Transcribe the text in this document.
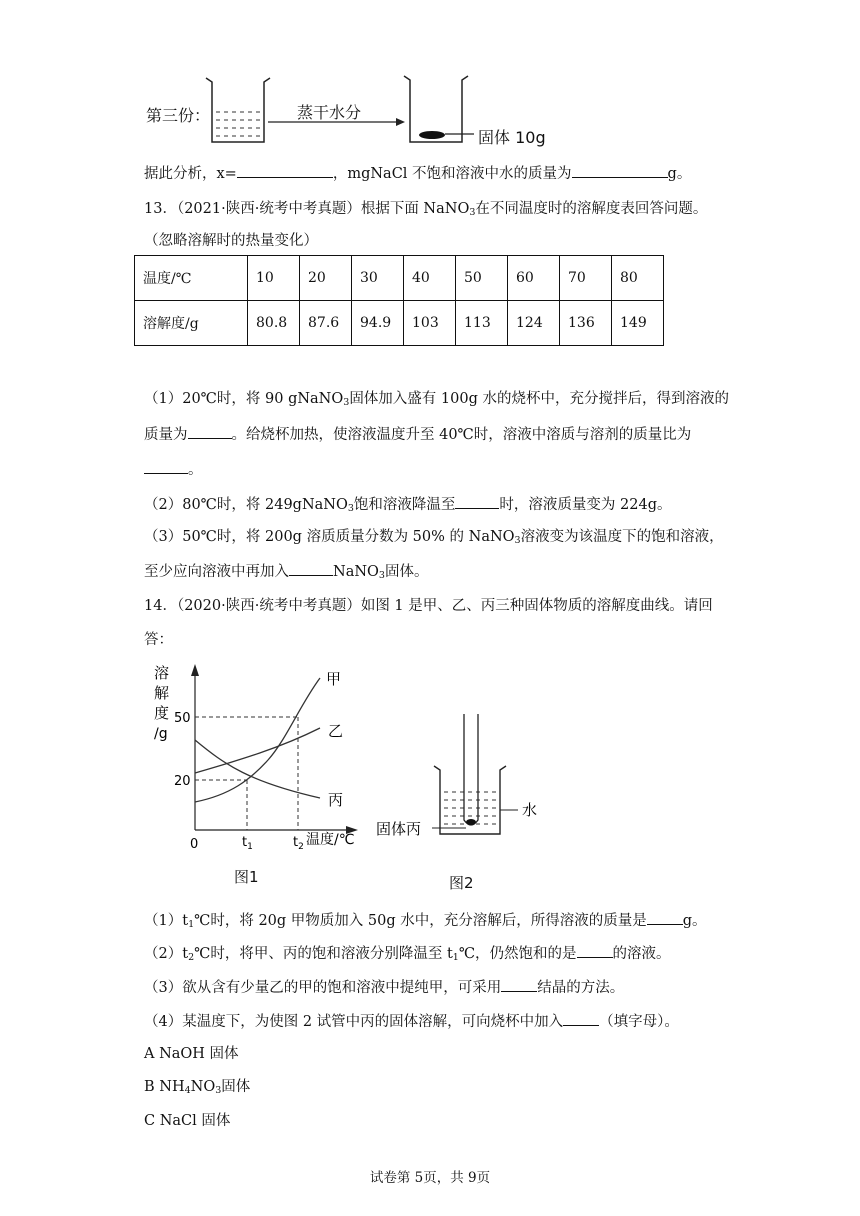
第三份：	蒸干水分
固体 10g
据此分析，x=	，mgNaCl 不饱和溶液中水的质量为	g。
13．（2021·陕西·统考中考真题）根据下面 NaNO$_3$在不同温度时的溶解度表回答问题。
（忽略溶解时的热量变化）
温度/℃	10	20	30	40	50	60	70	80
溶解度/g	80.8	87.6	94.9	103	113	124	136	149
（1）20℃时，将 90 gNaNO$_3$固体加入盛有 100g 水的烧杯中，充分搅拌后，得到溶液的
质量为	。给烧杯加热，使溶液温度升至 40℃时，溶液中溶质与溶剂的质量比为
。
（2）80℃时，将 249gNaNO$_3$饱和溶液降温至	时，溶液质量变为 224g。
（3）50℃时，将 200g 溶质质量分数为 50% 的 NaNO$_3$溶液变为该温度下的饱和溶液，
至少应向溶液中再加入	NaNO$_3$固体。
14．（2020·陕西·统考中考真题）如图 1 是甲、乙、丙三种固体物质的溶解度曲线。请回
答：
溶
解
度
/g
50
20
0	$t_1$	$t_2$ 温度/℃
甲
乙
丙
图1
水
固体丙
图2
$(1)t_1℃$时，将 20g 甲物质加入 50g 水中，充分溶解后，所得溶液的质量是 g。
$(2)t_2℃$时，将甲、丙的饱和溶液分别降温至 $t_1℃$，仍然饱和的是 的溶液。
（3）欲从含有少量乙的甲的饱和溶液中提纯甲，可采用 结晶的方法。
（4）某温度下，为使图 2 试管中丙的固体溶解，可向烧杯中加入 （填字母）。
A NaOH 固体
B $NH_4NO_3$固体
C NaCl 固体
试卷第 5页，共 9页
